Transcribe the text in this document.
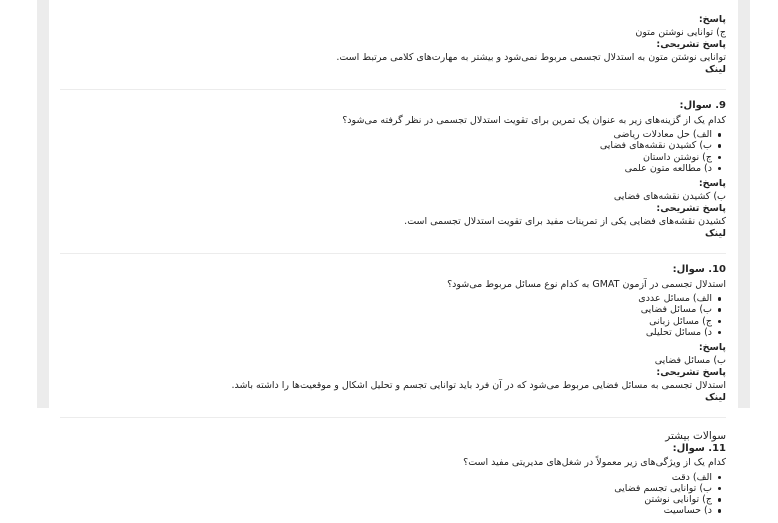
پاسخ:
ج) توانایی نوشتن متون
پاسخ تشریحی:
توانایی نوشتن متون به استدلال تجسمی مربوط نمی‌شود و بیشتر به مهارت‌های کلامی مرتبط است.
لینک
9. سوال:
کدام یک از گزینه‌های زیر به عنوان یک تمرین برای تقویت استدلال تجسمی در نظر گرفته می‌شود؟
الف) حل معادلات ریاضی
ب) کشیدن نقشه‌های فضایی
ج) نوشتن داستان
د) مطالعه متون علمی
پاسخ:
ب) کشیدن نقشه‌های فضایی
پاسخ تشریحی:
کشیدن نقشه‌های فضایی یکی از تمرینات مفید برای تقویت استدلال تجسمی است.
لینک
10. سوال:
استدلال تجسمی در آزمون GMAT به کدام نوع مسائل مربوط می‌شود؟
الف) مسائل عددی
ب) مسائل فضایی
ج) مسائل زبانی
د) مسائل تحلیلی
پاسخ:
ب) مسائل فضایی
پاسخ تشریحی:
استدلال تجسمی به مسائل فضایی مربوط می‌شود که در آن فرد باید توانایی تجسم و تحلیل اشکال و موقعیت‌ها را داشته باشد.
لینک
سوالات بیشتر
11. سوال:
کدام یک از ویژگی‌های زیر معمولاً در شغل‌های مدیریتی مفید است؟
الف) دقت
ب) توانایی تجسم فضایی
ج) توانایی نوشتن
د) حساسیت
